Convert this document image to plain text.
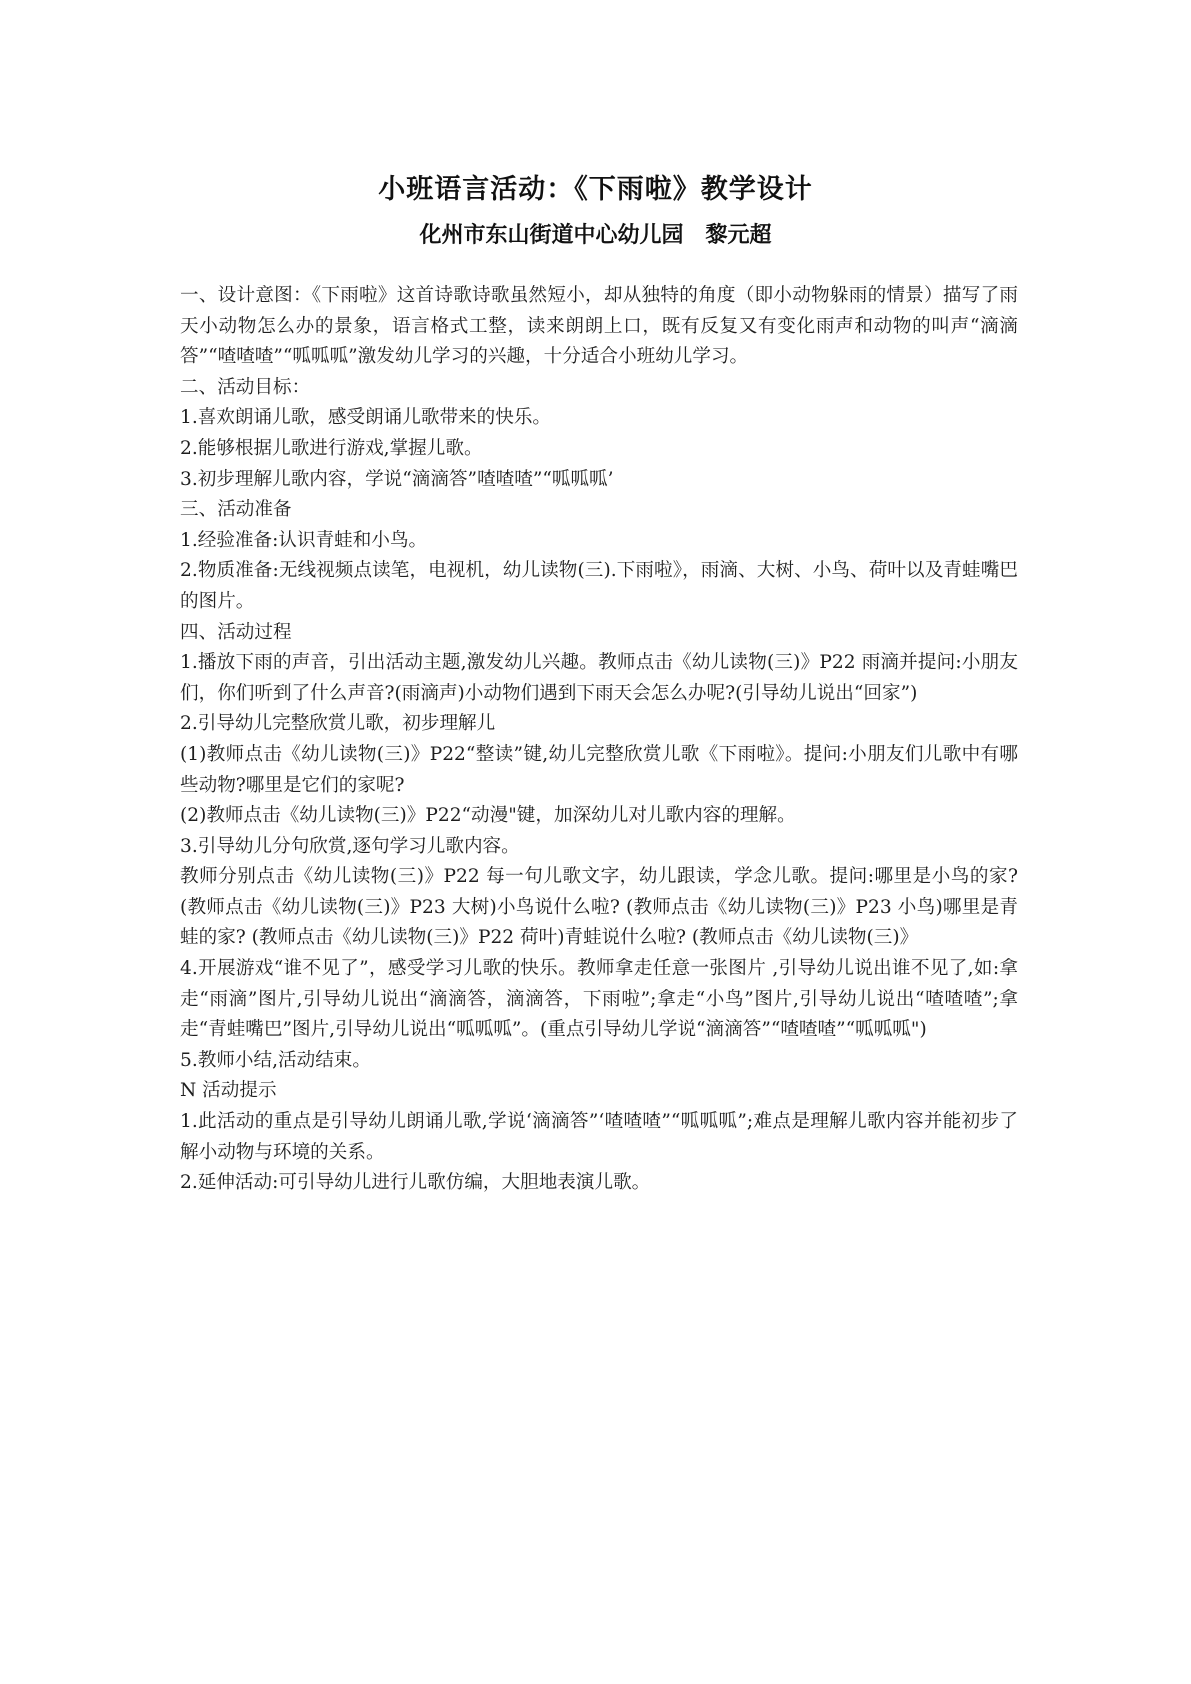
小班语言活动：《下雨啦》教学设计
化州市东山街道中心幼儿园　黎元超

一、设计意图：《下雨啦》这首诗歌诗歌虽然短小，却从独特的角度（即小动物躲雨的情景）描写了雨天小动物怎么办的景象，语言格式工整，读来朗朗上口，既有反复又有变化雨声和动物的叫声“滴滴答”“喳喳喳”“呱呱呱”激发幼儿学习的兴趣，十分适合小班幼儿学习。

二、活动目标：

1.喜欢朗诵儿歌，感受朗诵儿歌带来的快乐。

2.能够根据儿歌进行游戏,掌握儿歌。

3.初步理解儿歌内容，学说“滴滴答”喳喳喳”“呱呱呱’

三、活动准备

1.经验准备:认识青蛙和小鸟。

2.物质准备:无线视频点读笔，电视机，幼儿读物(三).下雨啦》，雨滴、大树、小鸟、荷叶以及青蛙嘴巴的图片。

四、活动过程

1.播放下雨的声音，引出活动主题,激发幼儿兴趣。教师点击《幼儿读物(三)》P22 雨滴并提问:小朋友们，你们听到了什么声音?(雨滴声)小动物们遇到下雨天会怎么办呢?(引导幼儿说出“回家”)

2.引导幼儿完整欣赏儿歌，初步理解儿

(1)教师点击《幼儿读物(三)》P22“整读”键,幼儿完整欣赏儿歌《下雨啦》。提问:小朋友们儿歌中有哪些动物?哪里是它们的家呢?

(2)教师点击《幼儿读物(三)》P22“动漫"键，加深幼儿对儿歌内容的理解。

3.引导幼儿分句欣赏,逐句学习儿歌内容。

教师分别点击《幼儿读物(三)》P22 每一句儿歌文字，幼儿跟读，学念儿歌。提问:哪里是小鸟的家? (教师点击《幼儿读物(三)》P23 大树)小鸟说什么啦? (教师点击《幼儿读物(三)》P23 小鸟)哪里是青蛙的家? (教师点击《幼儿读物(三)》P22 荷叶)青蛙说什么啦? (教师点击《幼儿读物(三)》

4.开展游戏“谁不见了”，感受学习儿歌的快乐。教师拿走任意一张图片 ,引导幼儿说出谁不见了,如:拿走“雨滴”图片,引导幼儿说出“滴滴答，滴滴答，下雨啦”;拿走“小鸟”图片,引导幼儿说出“喳喳喳”;拿走“青蛙嘴巴”图片,引导幼儿说出“呱呱呱”。(重点引导幼儿学说“滴滴答”“喳喳喳”“呱呱呱")

5.教师小结,活动结束。

N 活动提示

1.此活动的重点是引导幼儿朗诵儿歌,学说‘滴滴答”‘喳喳喳”“呱呱呱”;难点是理解儿歌内容并能初步了解小动物与环境的关系。

2.延伸活动:可引导幼儿进行儿歌仿编，大胆地表演儿歌。
